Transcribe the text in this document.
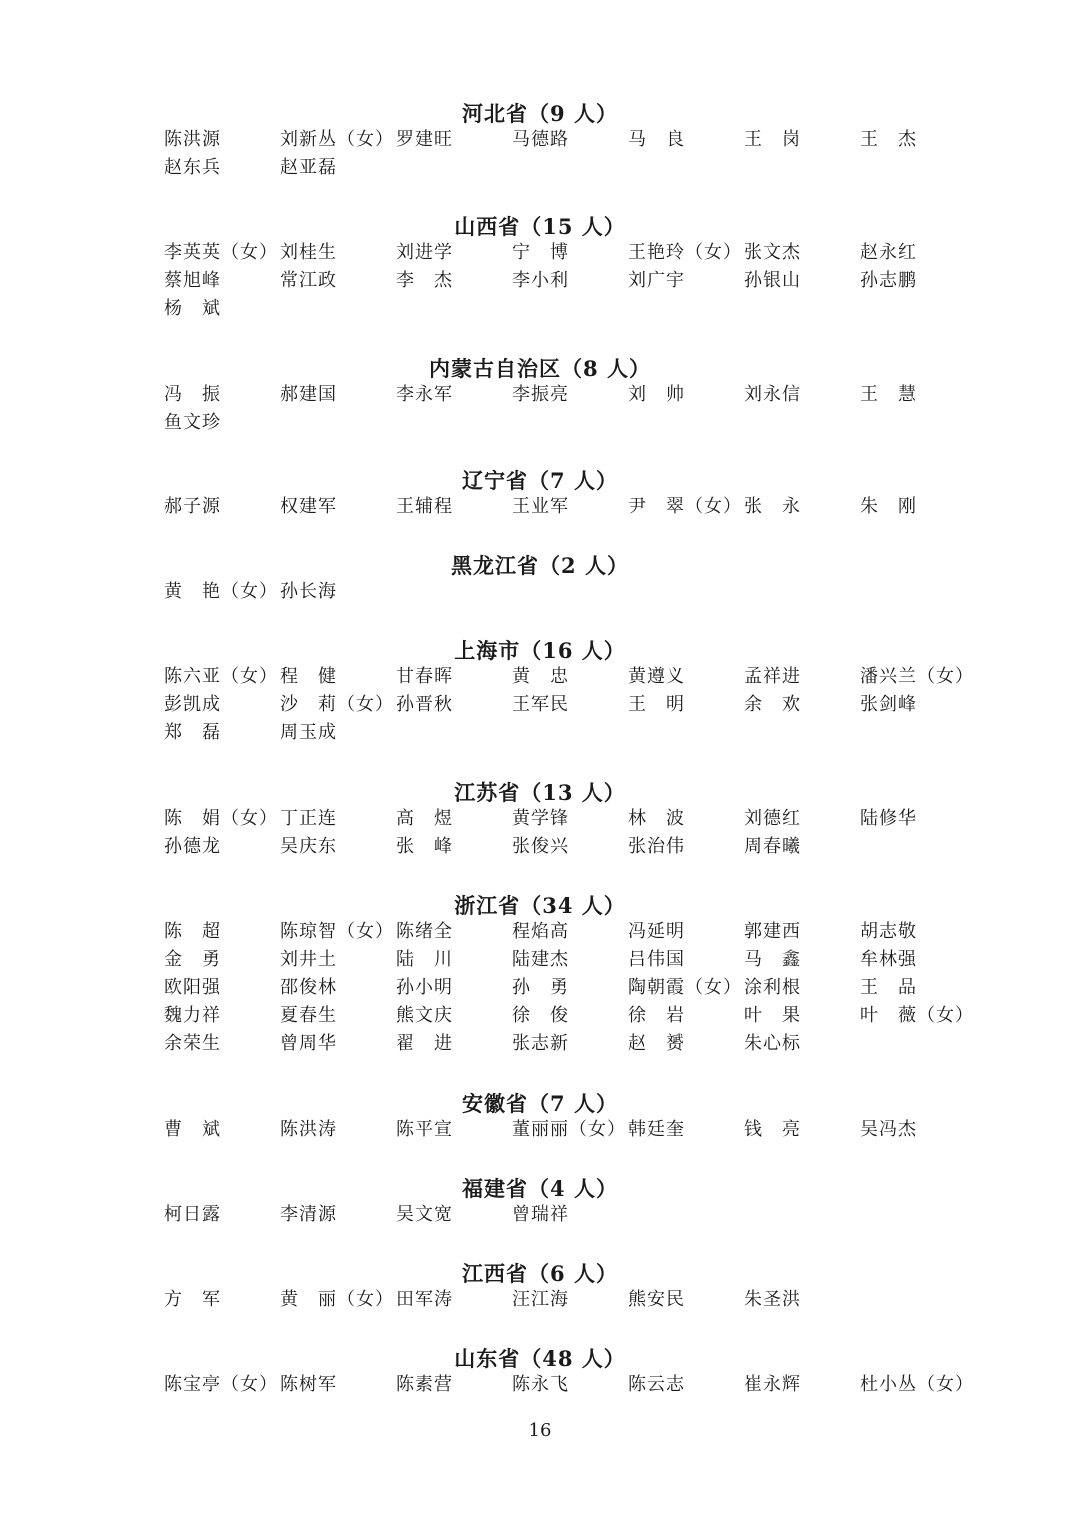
河北省（9 人）
陈洪源	刘新丛（女） 罗建旺	马德路	马　良	王　岗	王　杰
赵东兵	赵亚磊
山西省（15 人）
李英英（女） 刘桂生	刘进学	宁　博	王艳玲（女） 张文杰	赵永红
蔡旭峰	常江政	李　杰	李小利	刘广宇	孙银山	孙志鹏
杨　斌
内蒙古自治区（8 人）
冯　振	郝建国	李永军	李振亮	刘　帅	刘永信	王　慧
鱼文珍
辽宁省（7 人）
郝子源	权建军	王辅程	王业军	尹　翠（女） 张　永	朱　刚
黑龙江省（2 人）
黄　艳（女） 孙长海
上海市（16 人）
陈六亚（女） 程　健	甘春晖	黄　忠	黄遵义	孟祥进	潘兴兰（女）
彭凯成	沙　莉（女） 孙晋秋	王军民	王　明	余　欢	张剑峰
郑　磊	周玉成
江苏省（13 人）
陈　娟（女） 丁正连	高　煜	黄学锋	林　波	刘德红	陆修华
孙德龙	吴庆东	张　峰	张俊兴	张治伟	周春曦
浙江省（34 人）
陈　超	陈琼智（女） 陈绪全	程焰高	冯延明	郭建西	胡志敬
金　勇	刘井土	陆　川	陆建杰	吕伟国	马　鑫	牟林强
欧阳强	邵俊林	孙小明	孙　勇	陶朝霞（女） 涂利根	王　品
魏力祥	夏春生	熊文庆	徐　俊	徐　岩	叶　果	叶　薇（女）
余荣生	曾周华	翟　进	张志新	赵　赟	朱心标
安徽省（7 人）
曹　斌	陈洪涛	陈平宣	董丽丽（女） 韩廷奎	钱　亮	吴冯杰
福建省（4 人）
柯日露	李清源	吴文宽	曾瑞祥
江西省（6 人）
方　军	黄　丽（女） 田军涛	汪江海	熊安民	朱圣洪
山东省（48 人）
陈宝亭（女） 陈树军	陈素营	陈永飞	陈云志	崔永辉	杜小丛（女）
16
